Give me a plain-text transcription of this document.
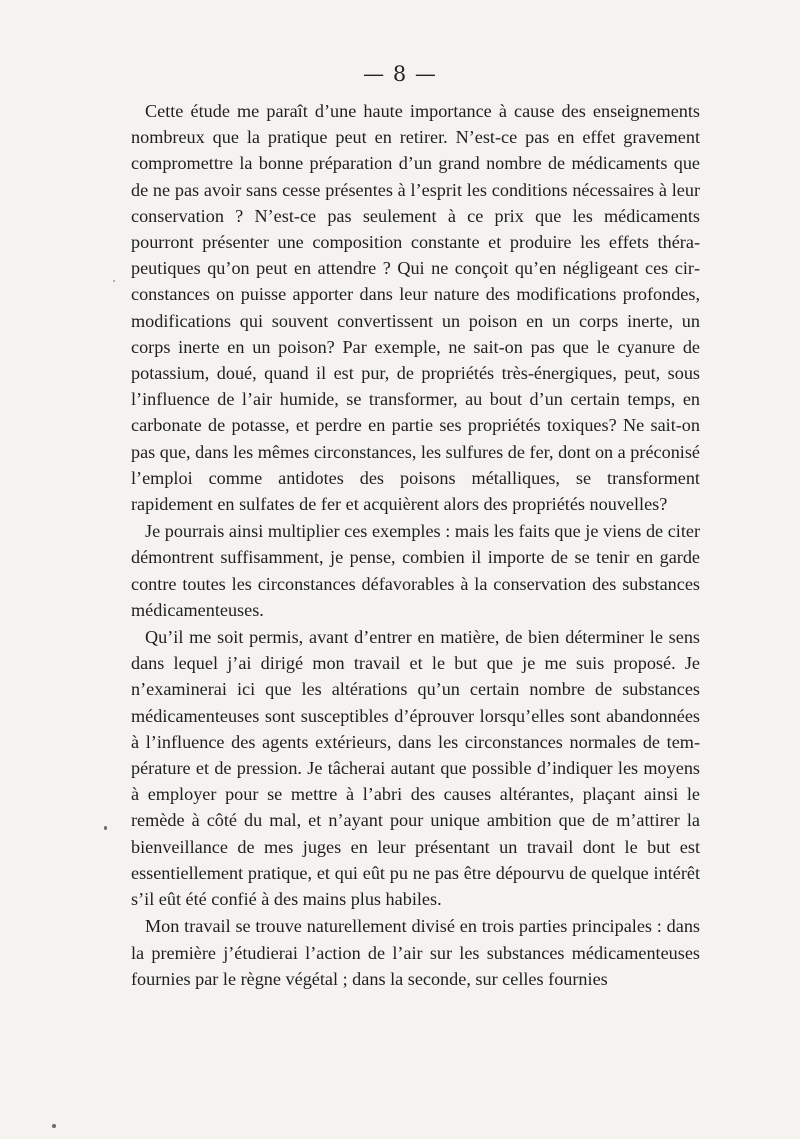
— 8 —

Cette étude me paraît d’une haute importance à cause des enseignements nombreux que la pratique peut en retirer. N’est-ce pas en effet gravement compromettre la bonne préparation d’un grand nombre de médicaments que de ne pas avoir sans cesse présentes à l’esprit les conditions nécessaires à leur conservation ? N’est-ce pas seulement à ce prix que les médicaments pourront présenter une composition constante et produire les effets thérapeutiques qu’on peut en attendre ? Qui ne conçoit qu’en négligeant ces circonstances on puisse apporter dans leur nature des modifications profondes, modifications qui souvent convertissent un poison en un corps inerte, un corps inerte en un poison? Par exemple, ne sait-on pas que le cyanure de potassium, doué, quand il est pur, de propriétés très-énergiques, peut, sous l’influence de l’air humide, se transformer, au bout d’un certain temps, en carbonate de potasse, et perdre en partie ses propriétés toxiques? Ne sait-on pas que, dans les mêmes circonstances, les sulfures de fer, dont on a préconisé l’emploi comme antidotes des poisons métalliques, se transforment rapidement en sulfates de fer et acquièrent alors des propriétés nouvelles?

Je pourrais ainsi multiplier ces exemples : mais les faits que je viens de citer démontrent suffisamment, je pense, combien il importe de se tenir en garde contre toutes les circonstances défavorables à la conservation des substances médicamenteuses.

Qu’il me soit permis, avant d’entrer en matière, de bien déterminer le sens dans lequel j’ai dirigé mon travail et le but que je me suis proposé. Je n’examinerai ici que les altérations qu’un certain nombre de substances médicamenteuses sont susceptibles d’éprouver lorsqu’elles sont abandonnées à l’influence des agents extérieurs, dans les circonstances normales de température et de pression. Je tâcherai autant que possible d’indiquer les moyens à employer pour se mettre à l’abri des causes altérantes, plaçant ainsi le remède à côté du mal, et n’ayant pour unique ambition que de m’attirer la bienveillance de mes juges en leur présentant un travail dont le but est essentiellement pratique, et qui eût pu ne pas être dépourvu de quelque intérêt s’il eût été confié à des mains plus habiles.

Mon travail se trouve naturellement divisé en trois parties principales : dans la première j’étudierai l’action de l’air sur les substances médicamenteuses fournies par le règne végétal ; dans la seconde, sur celles fournies
